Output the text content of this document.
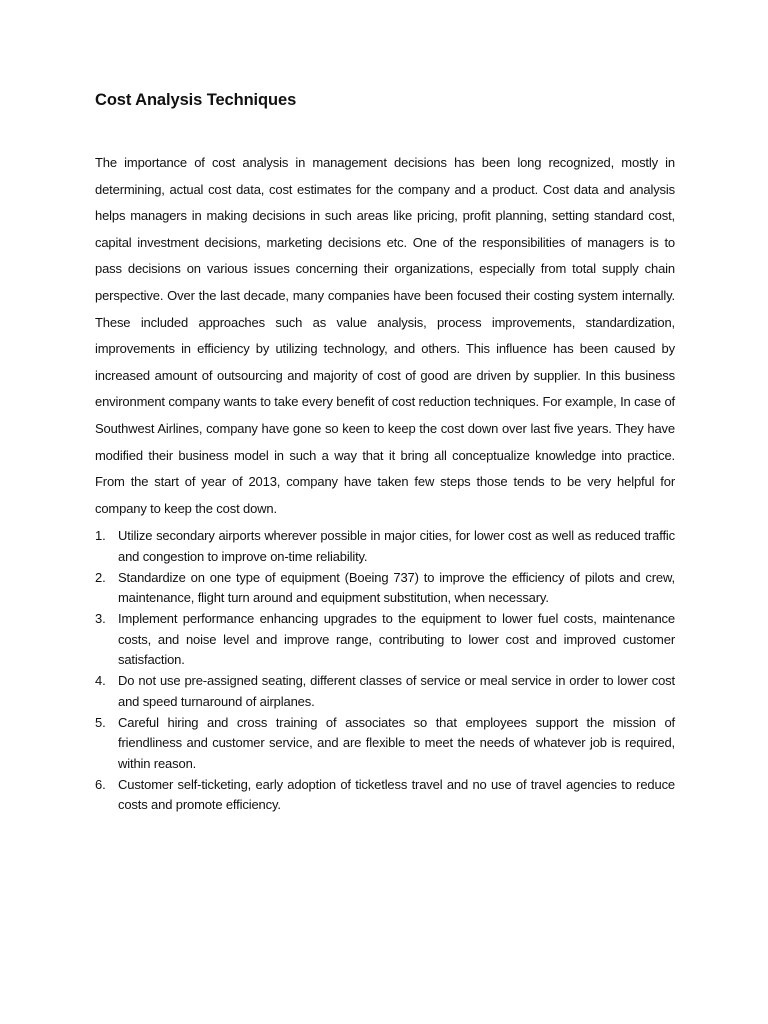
Cost Analysis Techniques

The importance of cost analysis in management decisions has been long recognized, mostly in determining, actual cost data, cost estimates for the company and a product. Cost data and analysis helps managers in making decisions in such areas like pricing, profit planning, setting standard cost, capital investment decisions, marketing decisions etc. One of the responsibilities of managers is to pass decisions on various issues concerning their organizations, especially from total supply chain perspective. Over the last decade, many companies have been focused their costing system internally. These included approaches such as value analysis, process improvements, standardization, improvements in efficiency by utilizing technology, and others. This influence has been caused by increased amount of outsourcing and majority of cost of good are driven by supplier. In this business environment company wants to take every benefit of cost reduction techniques. For example, In case of Southwest Airlines, company have gone so keen to keep the cost down over last five years. They have modified their business model in such a way that it bring all conceptualize knowledge into practice. From the start of year of 2013, company have taken few steps those tends to be very helpful for company to keep the cost down.

1. Utilize secondary airports wherever possible in major cities, for lower cost as well as reduced traffic and congestion to improve on-time reliability.
2. Standardize on one type of equipment (Boeing 737) to improve the efficiency of pilots and crew, maintenance, flight turn around and equipment substitution, when necessary.
3. Implement performance enhancing upgrades to the equipment to lower fuel costs, maintenance costs, and noise level and improve range, contributing to lower cost and improved customer satisfaction.
4. Do not use pre-assigned seating, different classes of service or meal service in order to lower cost and speed turnaround of airplanes.
5. Careful hiring and cross training of associates so that employees support the mission of friendliness and customer service, and are flexible to meet the needs of whatever job is required, within reason.
6. Customer self-ticketing, early adoption of ticketless travel and no use of travel agencies to reduce costs and promote efficiency.
